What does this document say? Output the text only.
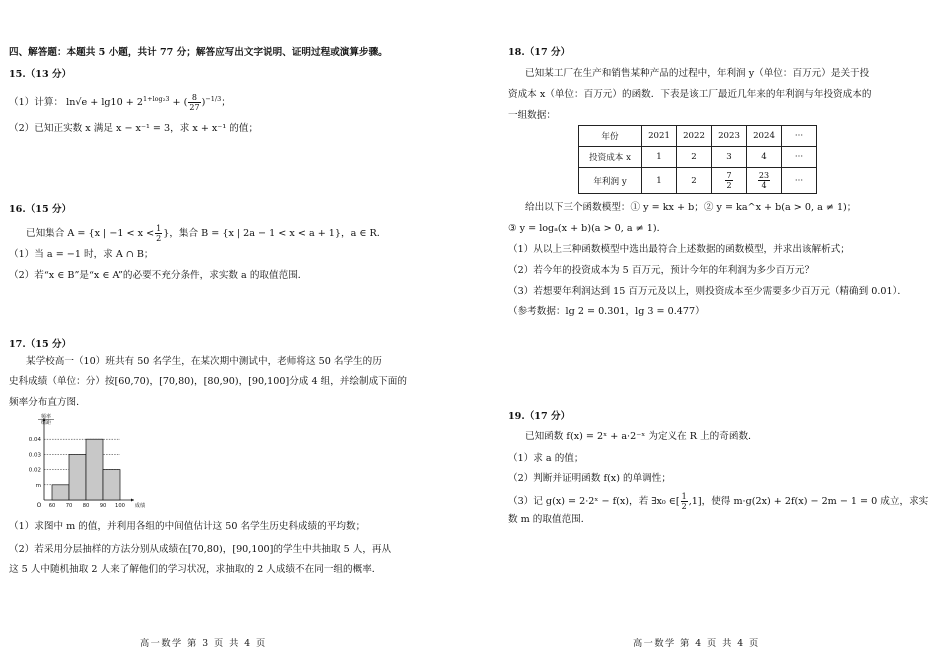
四、解答题：本题共 5 小题，共计 77 分；解答应写出文字说明、证明过程或演算步骤。
15.（13 分）
（1）计算： $\ln√e + \lg 10 + 2^{1+log_23}$ + ( $\frac{8}{27} )^{-1/3}$；
（2）已知正实数 x 满足 x − x⁻¹ = 3，求 x + x⁻¹ 的值；
16.（15 分）
已知集合 A = {x | $-1 < x < \frac{1}{2}$ }，集合 B = {x | 2a − 1 < x < a + 1}，a ∈ R．
（1）当 a = −1 时，求 A ∩ B；
（2）若“x ∈ B”是“x ∈ A”的必要不充分条件，求实数 a 的取值范围．
17.（15 分）
某学校高一（10）班共有 50 名学生，在某次期中测试中，老师将这 50 名学生的历
史科成绩（单位：分）按[60,70)，[70,80)，[80,90)，[90,100]分成 4 组，并绘制成下面的
频率分布直方图．
频率
组距
O
m
0.02
0.03
0.04
60 70 80 90 100 成绩
（1）求图中 m 的值，并利用各组的中间值估计这 50 名学生历史科成绩的平均数；
（2）若采用分层抽样的方法分别从成绩在[70,80)，[90,100]的学生中共抽取 5 人，再从
这 5 人中随机抽取 2 人来了解他们的学习状况，求抽取的 2 人成绩不在同一组的概率．
高一数学 第 3 页 共 4 页
18.（17 分）
已知某工厂在生产和销售某种产品的过程中，年利润 y（单位：百万元）是关于投
资成本 x（单位：百万元）的函数．下表是该工厂最近几年来的年利润与年投资成本的
一组数据：
给出以下三个函数模型：① y = kx + b；② y = ka^x + b(a > 0, a ≠ 1)；
③ y = logₐ(x + b)(a > 0, a ≠ 1)．
（1）从以上三种函数模型中选出最符合上述数据的函数模型，并求出该解析式；
（2）若今年的投资成本为 5 百万元，预计今年的年利润为多少百万元？
（3）若想要年利润达到 15 百万元及以上，则投资成本至少需要多少百万元（精确到 0.01）．
（参考数据：lg 2 = 0.301，lg 3 = 0.477）
19.（17 分）
已知函数 f(x) = 2ˣ + a·2⁻ˣ 为定义在 R 上的奇函数．
（1）求 a 的值；
（2）判断并证明函数 f(x) 的单调性；
（3）记 g(x) = 2·2ˣ − f(x)，若 ∃x₀ ∈[ $\frac{1}{2} ,1$]，使得 m·g(2x) + 2f(x) − 2m − 1 = 0 成立，求实
数 m 的取值范围．
高一数学 第 4 页 共 4 页
年份	2021	2022	2023	2024	···
投资成本 x	1	2	3	4	···
年利润 y	1	2	$\frac{7}{2}$	$\frac{23}{4}$	···
